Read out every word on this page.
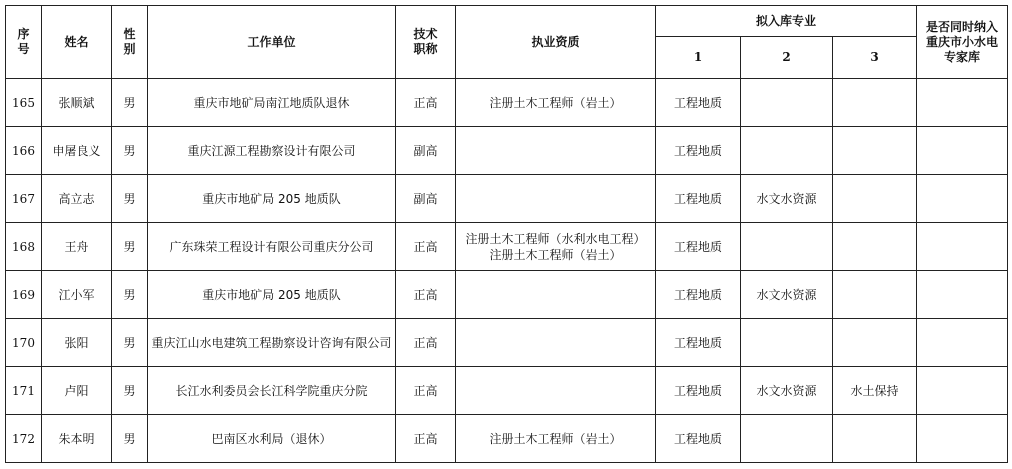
序号	姓名	性别	工作单位	技术职称	执业资质	拟入库专业			是否同时纳入重庆市小水电专家库
						1	2	3	
165	张顺斌	男	重庆市地矿局南江地质队退休	正高	注册土木工程师（岩土）	工程地质			
166	申屠良义	男	重庆江源工程勘察设计有限公司	副高		工程地质			
167	高立志	男	重庆市地矿局 205 地质队	副高		工程地质	水文水资源		
168	王舟	男	广东珠荣工程设计有限公司重庆分公司	正高	注册土木工程师（水利水电工程）
注册土木工程师（岩土）	工程地质			
169	江小军	男	重庆市地矿局 205 地质队	正高		工程地质	水文水资源		
170	张阳	男	重庆江山水电建筑工程勘察设计咨询有限公司	正高		工程地质			
171	卢阳	男	长江水利委员会长江科学院重庆分院	正高		工程地质	水文水资源	水土保持	
172	朱本明	男	巴南区水利局（退休）	正高	注册土木工程师（岩土）	工程地质			
